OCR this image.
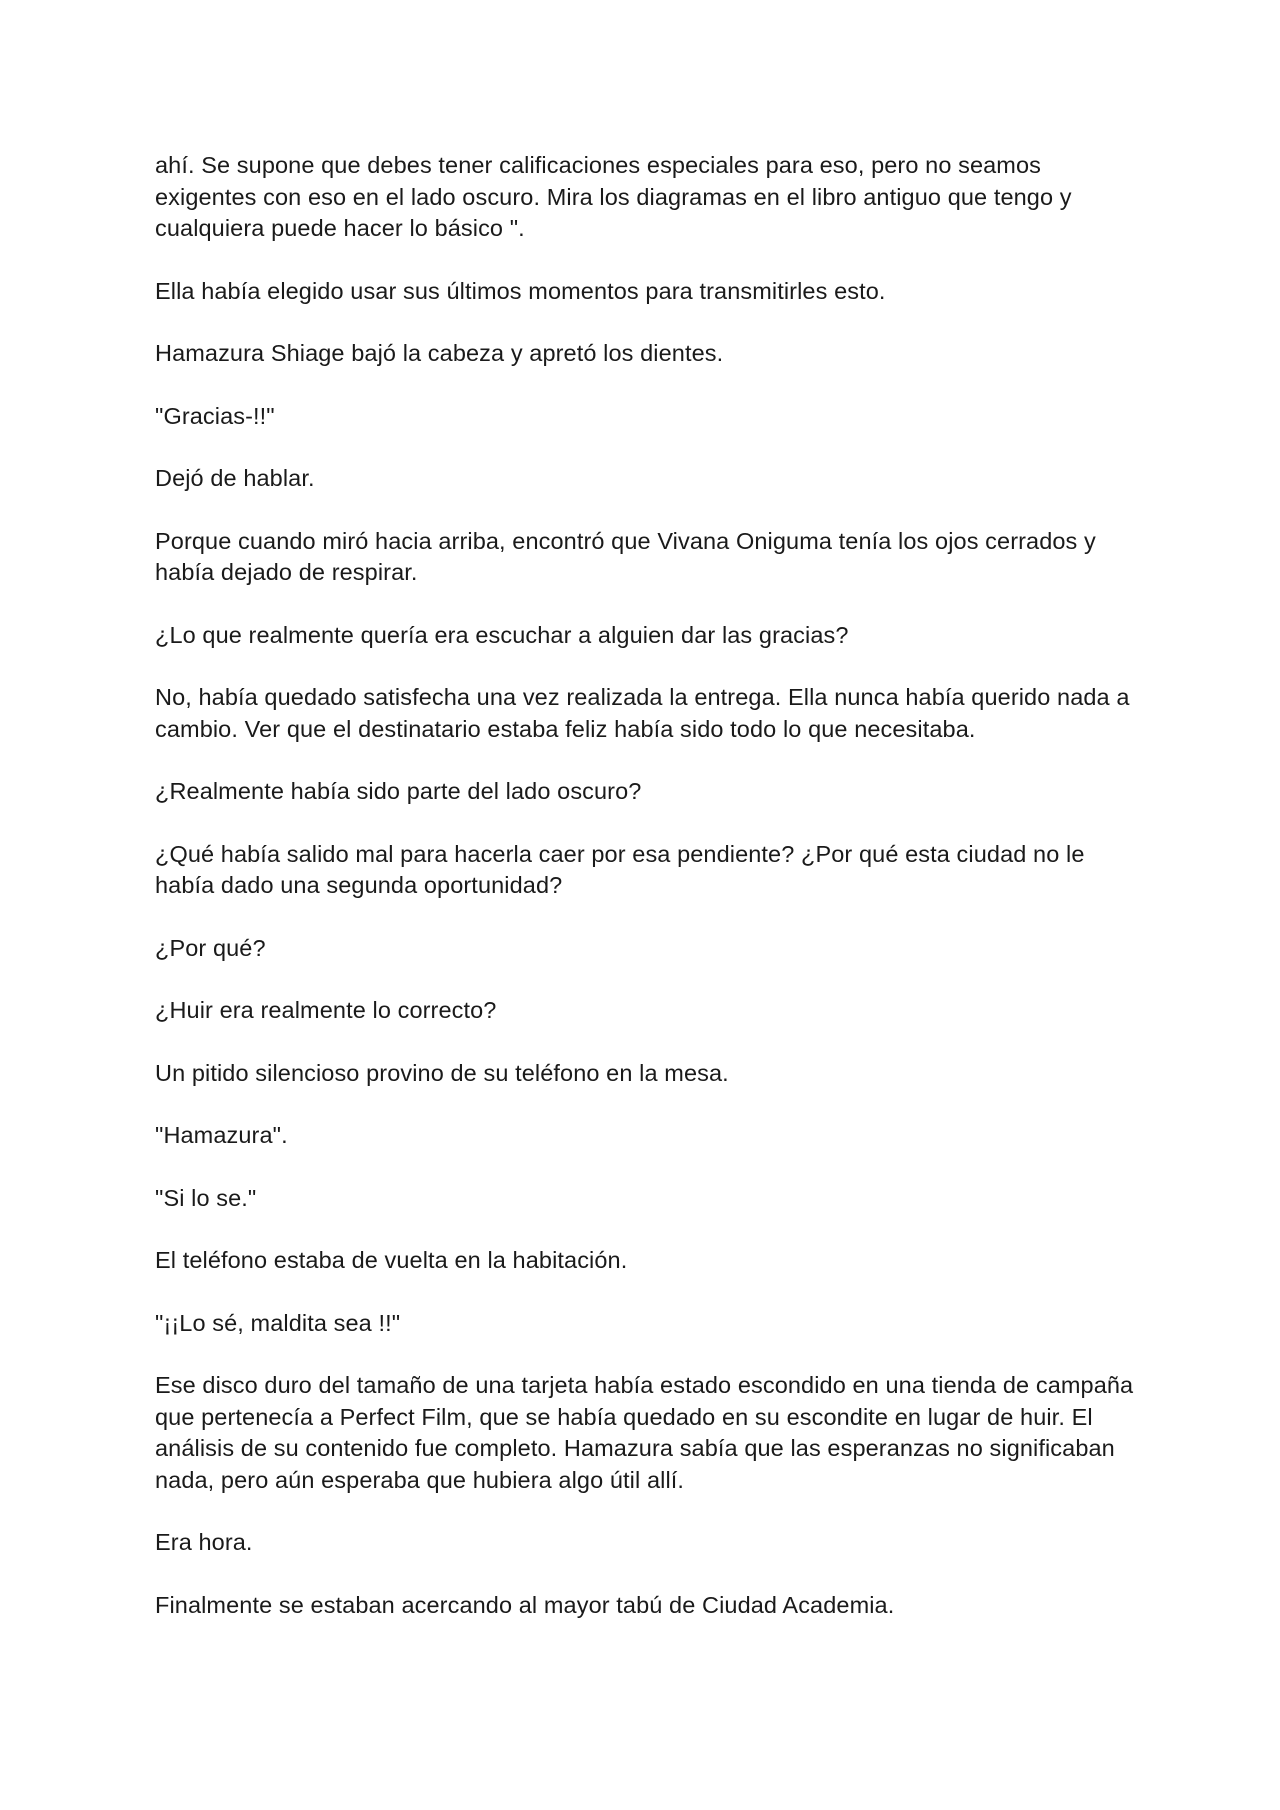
ahí. Se supone que debes tener calificaciones especiales para eso, pero no seamos exigentes con eso en el lado oscuro. Mira los diagramas en el libro antiguo que tengo y cualquiera puede hacer lo básico ".

Ella había elegido usar sus últimos momentos para transmitirles esto.

Hamazura Shiage bajó la cabeza y apretó los dientes.

"Gracias-!!"

Dejó de hablar.

Porque cuando miró hacia arriba, encontró que Vivana Oniguma tenía los ojos cerrados y había dejado de respirar.

¿Lo que realmente quería era escuchar a alguien dar las gracias?

No, había quedado satisfecha una vez realizada la entrega. Ella nunca había querido nada a cambio. Ver que el destinatario estaba feliz había sido todo lo que necesitaba.

¿Realmente había sido parte del lado oscuro?

¿Qué había salido mal para hacerla caer por esa pendiente? ¿Por qué esta ciudad no le había dado una segunda oportunidad?

¿Por qué?

¿Huir era realmente lo correcto?

Un pitido silencioso provino de su teléfono en la mesa.

"Hamazura".

"Si lo se."

El teléfono estaba de vuelta en la habitación.

"¡¡Lo sé, maldita sea !!"

Ese disco duro del tamaño de una tarjeta había estado escondido en una tienda de campaña que pertenecía a Perfect Film, que se había quedado en su escondite en lugar de huir. El análisis de su contenido fue completo. Hamazura sabía que las esperanzas no significaban nada, pero aún esperaba que hubiera algo útil allí.

Era hora.

Finalmente se estaban acercando al mayor tabú de Ciudad Academia.
